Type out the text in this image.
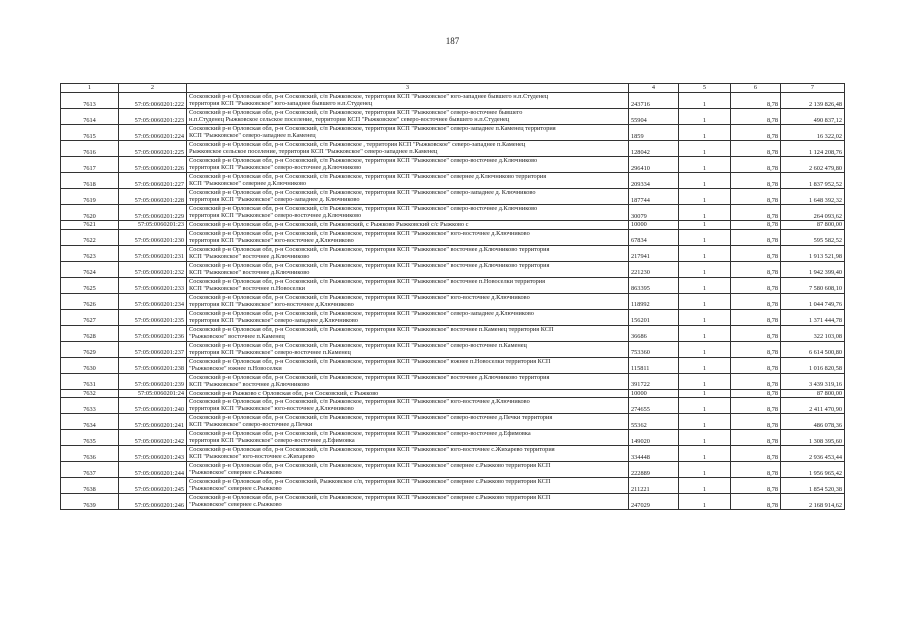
187
1	2	3	4	5	6	7
7613	57:05:0060201:222	Сосковский р-н Орловская обл, р-н Сосковский, с/п Рыжковское, территория КСП "Рыжковское" юго-западнее бывшего н.п.Студенец
территория КСП "Рыжковское" юго-западнее бывшего н.п.Студенец	243716	1	8,78	2 139 826,48
7614	57:05:0060201:223	Сосковский р-н Орловская обл, р-н Сосковский, с/п Рыжковское, территория КСП "Рыжковское" северо-восточнее бывшего
н.п.Студенец Рыжковское сельское поселение, территория КСП "Рыжковское" северо-восточнее бывшего н.п.Студенец	55904	1	8,78	490 837,12
7615	57:05:0060201:224	Сосковский р-н Орловская обл, р-н Сосковский, с/п Рыжковское, территория КСП "Рыжковское" северо-западнее п.Каменец территория
КСП "Рыжковское" северо-западнее п.Каменец	1859	1	8,78	16 322,02
7616	57:05:0060201:225	Сосковский р-н Орловская обл, р-н Сосковский, с/п Рыжковское , территория КСП "Рыжковское" северо-западнее п.Каменец
Рыжковское сельское поселение, территория КСП "Рыжковское" северо-западнее п.Каменец	128042	1	8,78	1 124 208,76
7617	57:05:0060201:226	Сосковский р-н Орловская обл, р-н Сосковский, с/п Рыжковское, территория КСП "Рыжковское" северо-восточнее д.Ключниково
территория КСП "Рыжковское" северо-восточнее д.Ключниково	296410	1	8,78	2 602 479,80
7618	57:05:0060201:227	Сосковский р-н Орловская обл, р-н Сосковский, с/п Рыжковское, территория КСП "Рыжковское" севернее д.Ключниково территория
КСП "Рыжковское" севернее д.Ключниково	209334	1	8,78	1 837 952,52
7619	57:05:0060201:228	Сосковский р-н Орловская обл, р-н Сосковский, с/п Рыжковское, территория КСП "Рыжковское" северо-западнее д. Ключниково
территория КСП "Рыжковское" северо-западнее д. Ключниково	187744	1	8,78	1 648 392,32
7620	57:05:0060201:229	Сосковский р-н Орловская обл, р-н Сосковский, с/п Рыжковское, территория КСП "Рыжковское" северо-восточнее д.Ключниково
территория КСП "Рыжковское" северо-восточнее д.Ключниково	30079	1	8,78	264 093,62
7621	57:05:0060201:23	Сосковский р-н Орловская обл, р-н Сосковский, с/п Рыжковский, с Рыжково Рыжковский с/с Рыжково с	10000	1	8,78	87 800,00
7622	57:05:0060201:230	Сосковский р-н Орловская обл, р-н Сосковский, с/п Рыжковское, территория КСП "Рыжковское" юго-восточнее д.Ключниково
территория КСП "Рыжковское" юго-восточнее д.Ключниково	67834	1	8,78	595 582,52
7623	57:05:0060201:231	Сосковский р-н Орловская обл, р-н Сосковский, с/п Рыжковское, территория КСП "Рыжковское" восточнее д.Ключниково территория
КСП "Рыжковское" восточнее д.Ключниково	217941	1	8,78	1 913 521,98
7624	57:05:0060201:232	Сосковский р-н Орловская обл, р-н Сосковский, с/п Рыжковское, территория КСП "Рыжковское" восточнее д.Ключниково территория
КСП "Рыжковское" восточнее д.Ключниково	221230	1	8,78	1 942 399,40
7625	57:05:0060201:233	Сосковский р-н Орловская обл, р-н Сосковский, с/п Рыжковское, территория КСП "Рыжковское" восточнее п.Новоселки территория
КСП "Рыжковское" восточнее п.Новоселки	863395	1	8,78	7 580 608,10
7626	57:05:0060201:234	Сосковский р-н Орловская обл, р-н Сосковский, с/п Рыжковское, территория КСП "Рыжковское" юго-восточнее д.Ключниково
территория КСП "Рыжковское" юго-восточнее д.Ключниково	118992	1	8,78	1 044 749,76
7627	57:05:0060201:235	Сосковский р-н Орловская обл, р-н Сосковский, с/п Рыжковское, территория КСП "Рыжковское" северо-западнее д.Ключниково
территория КСП "Рыжковское" северо-западнее д.Ключниково	156201	1	8,78	1 371 444,78
7628	57:05:0060201:236	Сосковский р-н Орловская обл, р-н Сосковский, с/п Рыжковское, территория КСП "Рыжковское" восточнее п.Каменец территория КСП
"Рыжковское" восточнее п.Каменец	36686	1	8,78	322 103,08
7629	57:05:0060201:237	Сосковский р-н Орловская обл, р-н Сосковский, с/п Рыжковское, территория КСП "Рыжковское" северо-восточнее п.Каменец
территория КСП "Рыжковское" северо-восточнее п.Каменец	753360	1	8,78	6 614 500,80
7630	57:05:0060201:238	Сосковский р-н Орловская обл, р-н Сосковский, с/п Рыжковское, территория КСП "Рыжковское" южнее п.Новоселки территория КСП
"Рыжковское" южнее п.Новоселки	115811	1	8,78	1 016 820,58
7631	57:05:0060201:239	Сосковский р-н Орловская обл, р-н Сосковский, с/п Рыжковское, территория КСП "Рыжковское" восточнее д.Ключниково территория
КСП "Рыжковское" восточнее д.Ключниково	391722	1	8,78	3 439 319,16
7632	57:05:0060201:24	Сосковский р-н Рыжково с Орловская обл, р-н Сосковский, с Рыжково	10000	1	8,78	87 800,00
7633	57:05:0060201:240	Сосковский р-н Орловская обл, р-н Сосковский, с/п Рыжковское, территория КСП "Рыжковское" юго-восточнее д.Ключниково
территория КСП "Рыжковское" юго-восточнее д.Ключниково	274655	1	8,78	2 411 470,90
7634	57:05:0060201:241	Сосковский р-н Орловская обл, р-н Сосковский, с/п Рыжковское, территория КСП "Рыжковское" северо-восточнее д.Печки территория
КСП "Рыжковское" северо-восточнее д.Печки	55362	1	8,78	486 078,36
7635	57:05:0060201:242	Сосковский р-н Орловская обл, р-н Сосковский, с/п Рыжковское, территория КСП "Рыжковское" северо-восточнее д.Ефимовка
территория КСП "Рыжковское" северо-восточнее д.Ефимовка	149020	1	8,78	1 308 395,60
7636	57:05:0060201:243	Сосковский р-н Орловская обл, р-н Сосковский, с/п Рыжковское, территория КСП "Рыжковское" юго-восточнее с.Жихарево территория
КСП "Рыжковское" юго-восточнее с.Жихарево	334448	1	8,78	2 936 453,44
7637	57:05:0060201:244	Сосковский р-н Орловская обл, р-н Сосковский, с/п Рыжковское, территория КСП "Рыжковское" севернее с.Рыжково территория КСП
"Рыжковское" севернее с.Рыжково	222889	1	8,78	1 956 965,42
7638	57:05:0060201:245	Сосковский р-н Орловская обл, р-н Сосковский, Рыжковское с/п, территория КСП "Рыжковское" севернее с.Рыжково территория КСП
"Рыжковское" севернее с.Рыжково	211221	1	8,78	1 854 520,38
7639	57:05:0060201:246	Сосковский р-н Орловская обл, р-н Сосковский, с/п Рыжковское, территория КСП "Рыжковское" севернее с.Рыжково территория КСП
"Рыжковское" севернее с.Рыжково	247029	1	8,78	2 168 914,62
